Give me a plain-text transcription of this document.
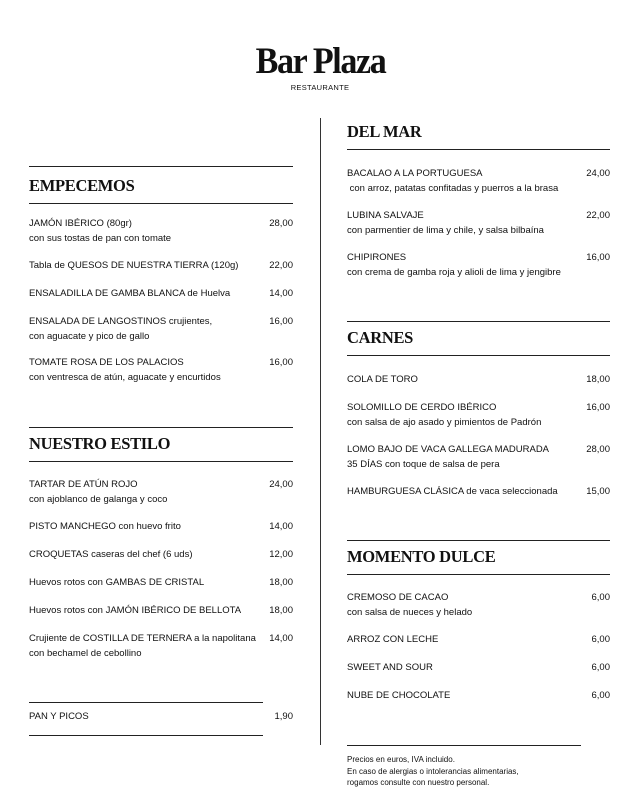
Bar Plaza
RESTAURANTE
EMPECEMOS
JAMÓN IBÉRICO (80gr)
con sus tostas de pan con tomate
28,00
Tabla de QUESOS DE NUESTRA TIERRA (120g)	22,00
ENSALADILLA DE GAMBA BLANCA de Huelva	14,00
ENSALADA DE LANGOSTINOS crujientes,
con aguacate y pico de gallo
16,00
TOMATE ROSA DE LOS PALACIOS
con ventresca de atún, aguacate y encurtidos
16,00
NUESTRO ESTILO
TARTAR DE ATÚN ROJO
con ajoblanco de galanga y coco
24,00
PISTO MANCHEGO con huevo frito	14,00
CROQUETAS caseras del chef (6 uds)	12,00
Huevos rotos con GAMBAS DE CRISTAL	18,00
Huevos rotos con JAMÓN IBÉRICO DE BELLOTA	18,00
Crujiente de COSTILLA DE TERNERA a la napolitana
con bechamel de cebollino
14,00
PAN Y PICOS	1,90
DEL MAR
BACALAO A LA PORTUGUESA
con arroz, patatas confitadas y puerros a la brasa
24,00
LUBINA SALVAJE
con parmentier de lima y chile, y salsa bilbaína
22,00
CHIPIRONES
con crema de gamba roja y alioli de lima y jengibre
16,00
CARNES
COLA DE TORO	18,00
SOLOMILLO DE CERDO IBÉRICO
con salsa de ajo asado y pimientos de Padrón
16,00
LOMO BAJO DE VACA GALLEGA MADURADA
35 DÍAS con toque de salsa de pera
28,00
HAMBURGUESA CLÁSICA de vaca seleccionada	15,00
MOMENTO DULCE
CREMOSO DE CACAO
con salsa de nueces y helado
6,00
ARROZ CON LECHE	6,00
SWEET AND SOUR	6,00
NUBE DE CHOCOLATE	6,00
Precios en euros, IVA incluido.
En caso de alergias o intolerancias alimentarias,
rogamos consulte con nuestro personal.
